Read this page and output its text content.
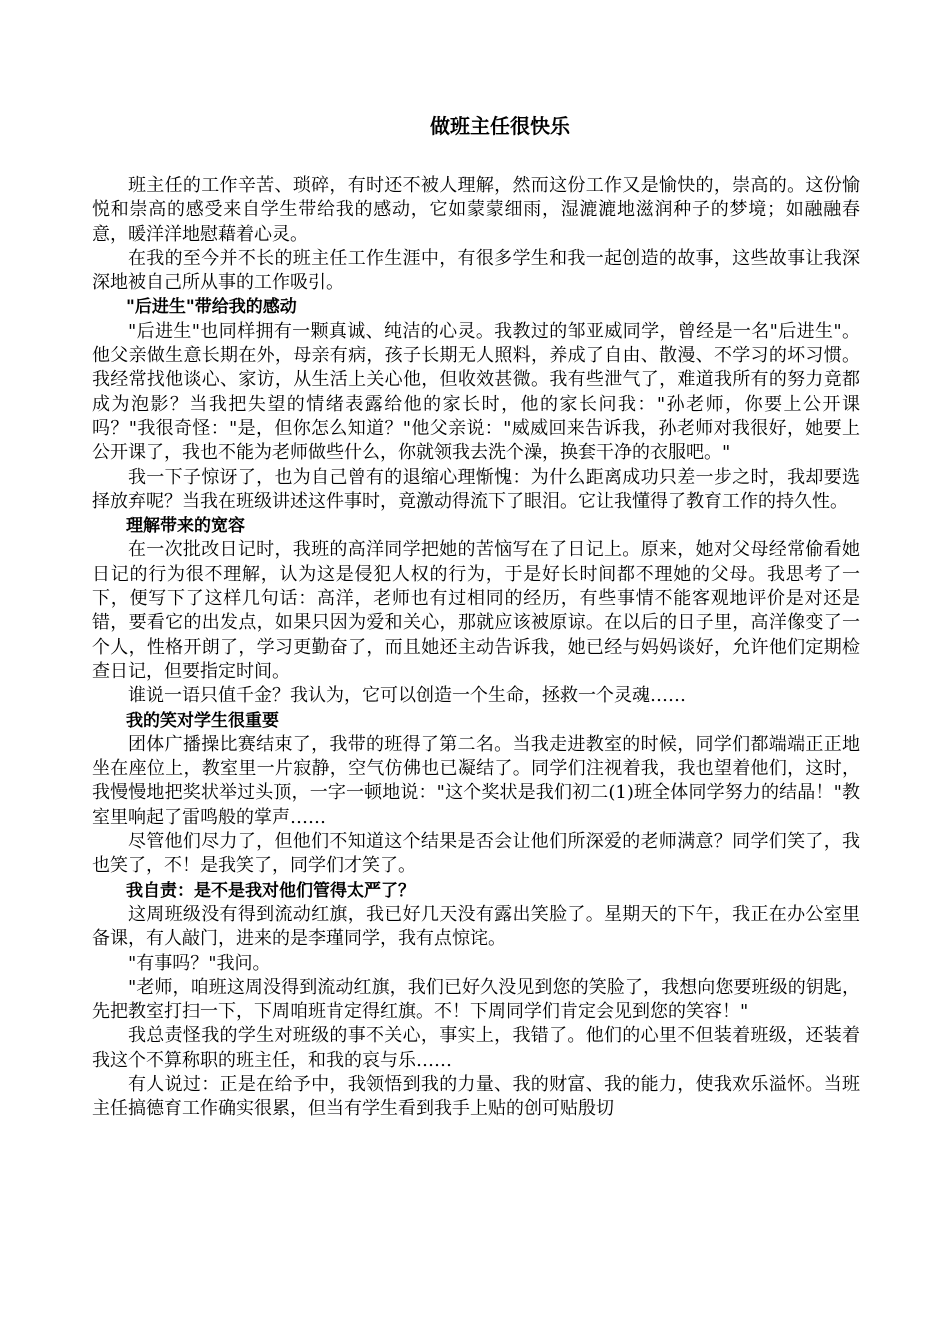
做班主任很快乐

班主任的工作辛苦、琐碎，有时还不被人理解，然而这份工作又是愉快的，崇高的。这份愉悦和崇高的感受来自学生带给我的感动，它如蒙蒙细雨，湿漉漉地滋润种子的梦境；如融融春意，暖洋洋地慰藉着心灵。

在我的至今并不长的班主任工作生涯中，有很多学生和我一起创造的故事，这些故事让我深深地被自己所从事的工作吸引。

"后进生"带给我的感动

"后进生"也同样拥有一颗真诚、纯洁的心灵。我教过的邹亚威同学，曾经是一名"后进生"。他父亲做生意长期在外，母亲有病，孩子长期无人照料，养成了自由、散漫、不学习的坏习惯。我经常找他谈心、家访，从生活上关心他，但收效甚微。我有些泄气了，难道我所有的努力竟都成为泡影？当我把失望的情绪表露给他的家长时，他的家长问我："孙老师，你要上公开课吗？"我很奇怪："是，但你怎么知道？"他父亲说："威威回来告诉我，孙老师对我很好，她要上公开课了，我也不能为老师做些什么，你就领我去洗个澡，换套干净的衣服吧。"

我一下子惊讶了，也为自己曾有的退缩心理惭愧：为什么距离成功只差一步之时，我却要选择放弃呢？当我在班级讲述这件事时，竟激动得流下了眼泪。它让我懂得了教育工作的持久性。

理解带来的宽容

在一次批改日记时，我班的高洋同学把她的苦恼写在了日记上。原来，她对父母经常偷看她日记的行为很不理解，认为这是侵犯人权的行为，于是好长时间都不理她的父母。我思考了一下，便写下了这样几句话：高洋，老师也有过相同的经历，有些事情不能客观地评价是对还是错，要看它的出发点，如果只因为爱和关心，那就应该被原谅。在以后的日子里，高洋像变了一个人，性格开朗了，学习更勤奋了，而且她还主动告诉我，她已经与妈妈谈好，允许他们定期检查日记，但要指定时间。

谁说一语只值千金？我认为，它可以创造一个生命，拯救一个灵魂……

我的笑对学生很重要

团体广播操比赛结束了，我带的班得了第二名。当我走进教室的时候，同学们都端端正正地坐在座位上，教室里一片寂静，空气仿佛也已凝结了。同学们注视着我，我也望着他们，这时，我慢慢地把奖状举过头顶，一字一顿地说："这个奖状是我们初二(1)班全体同学努力的结晶！"教室里响起了雷鸣般的掌声……

尽管他们尽力了，但他们不知道这个结果是否会让他们所深爱的老师满意？同学们笑了，我也笑了，不！是我笑了，同学们才笑了。

我自责：是不是我对他们管得太严了？

这周班级没有得到流动红旗，我已好几天没有露出笑脸了。星期天的下午，我正在办公室里备课，有人敲门，进来的是李瑾同学，我有点惊诧。

"有事吗？"我问。

"老师，咱班这周没得到流动红旗，我们已好久没见到您的笑脸了，我想向您要班级的钥匙，先把教室打扫一下，下周咱班肯定得红旗。不！下周同学们肯定会见到您的笑容！"

我总责怪我的学生对班级的事不关心，事实上，我错了。他们的心里不但装着班级，还装着我这个不算称职的班主任，和我的哀与乐……

有人说过：正是在给予中，我领悟到我的力量、我的财富、我的能力，使我欢乐溢怀。当班主任搞德育工作确实很累，但当有学生看到我手上贴的创可贴殷切
